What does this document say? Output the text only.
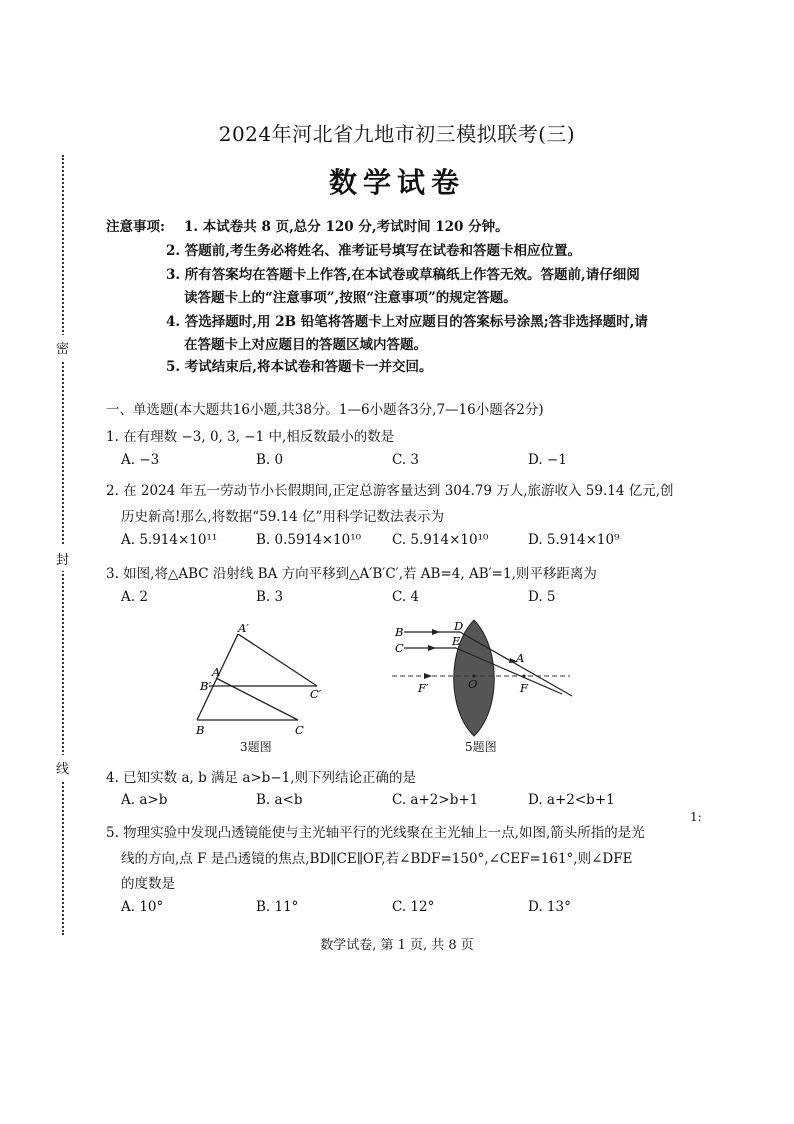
密
封
线
2024年河北省九地市初三模拟联考(三)
数学试卷
注意事项: 1. 本试卷共 8 页,总分 120 分,考试时间 120 分钟。
2. 答题前,考生务必将姓名、准考证号填写在试卷和答题卡相应位置。
3. 所有答案均在答题卡上作答,在本试卷或草稿纸上作答无效。答题前,请仔细阅
读答题卡上的“注意事项”,按照“注意事项”的规定答题。
4. 答选择题时,用 2B 铅笔将答题卡上对应题目的答案标号涂黑;答非选择题时,请
在答题卡上对应题目的答题区域内答题。
5. 考试结束后,将本试卷和答题卡一并交回。
一、单选题(本大题共16小题,共38分。1—6小题各3分,7—16小题各2分)
1. 在有理数 −3, 0, 3, −1 中,相反数最小的数是
A. −3	B. 0	C. 3	D. −1
2. 在 2024 年五一劳动节小长假期间,正定总游客量达到 304.79 万人,旅游收入 59.14 亿元,创
历史新高!那么,将数据“59.14 亿”用科学记数法表示为
A. 5.914×10¹¹	B. 0.5914×10¹⁰ C. 5.914×10¹⁰	D. 5.914×10⁹
3. 如图,将△ABC 沿射线 BA 方向平移到△A′B′C′,若 AB=4, AB′=1,则平移距离为
A. 2	B. 3	C. 4	D. 5
A′
A
B′
C′
B	C
3题图
B	D
E
C
A
F′	O	F
5题图
4. 已知实数 a, b 满足 a>b−1,则下列结论正确的是
A. a>b	B. a<b	C. a+2>b+1	D. a+2<b+1
5. 物理实验中发现凸透镜能使与主光轴平行的光线聚在主光轴上一点,如图,箭头所指的是光
线的方向,点 F 是凸透镜的焦点,BD∥CE∥OF,若∠BDF=150°,∠CEF=161°,则∠DFE
的度数是
A. 10°	B. 11°	C. 12°	D. 13°
1:
数学试卷, 第 1 页, 共 8 页
